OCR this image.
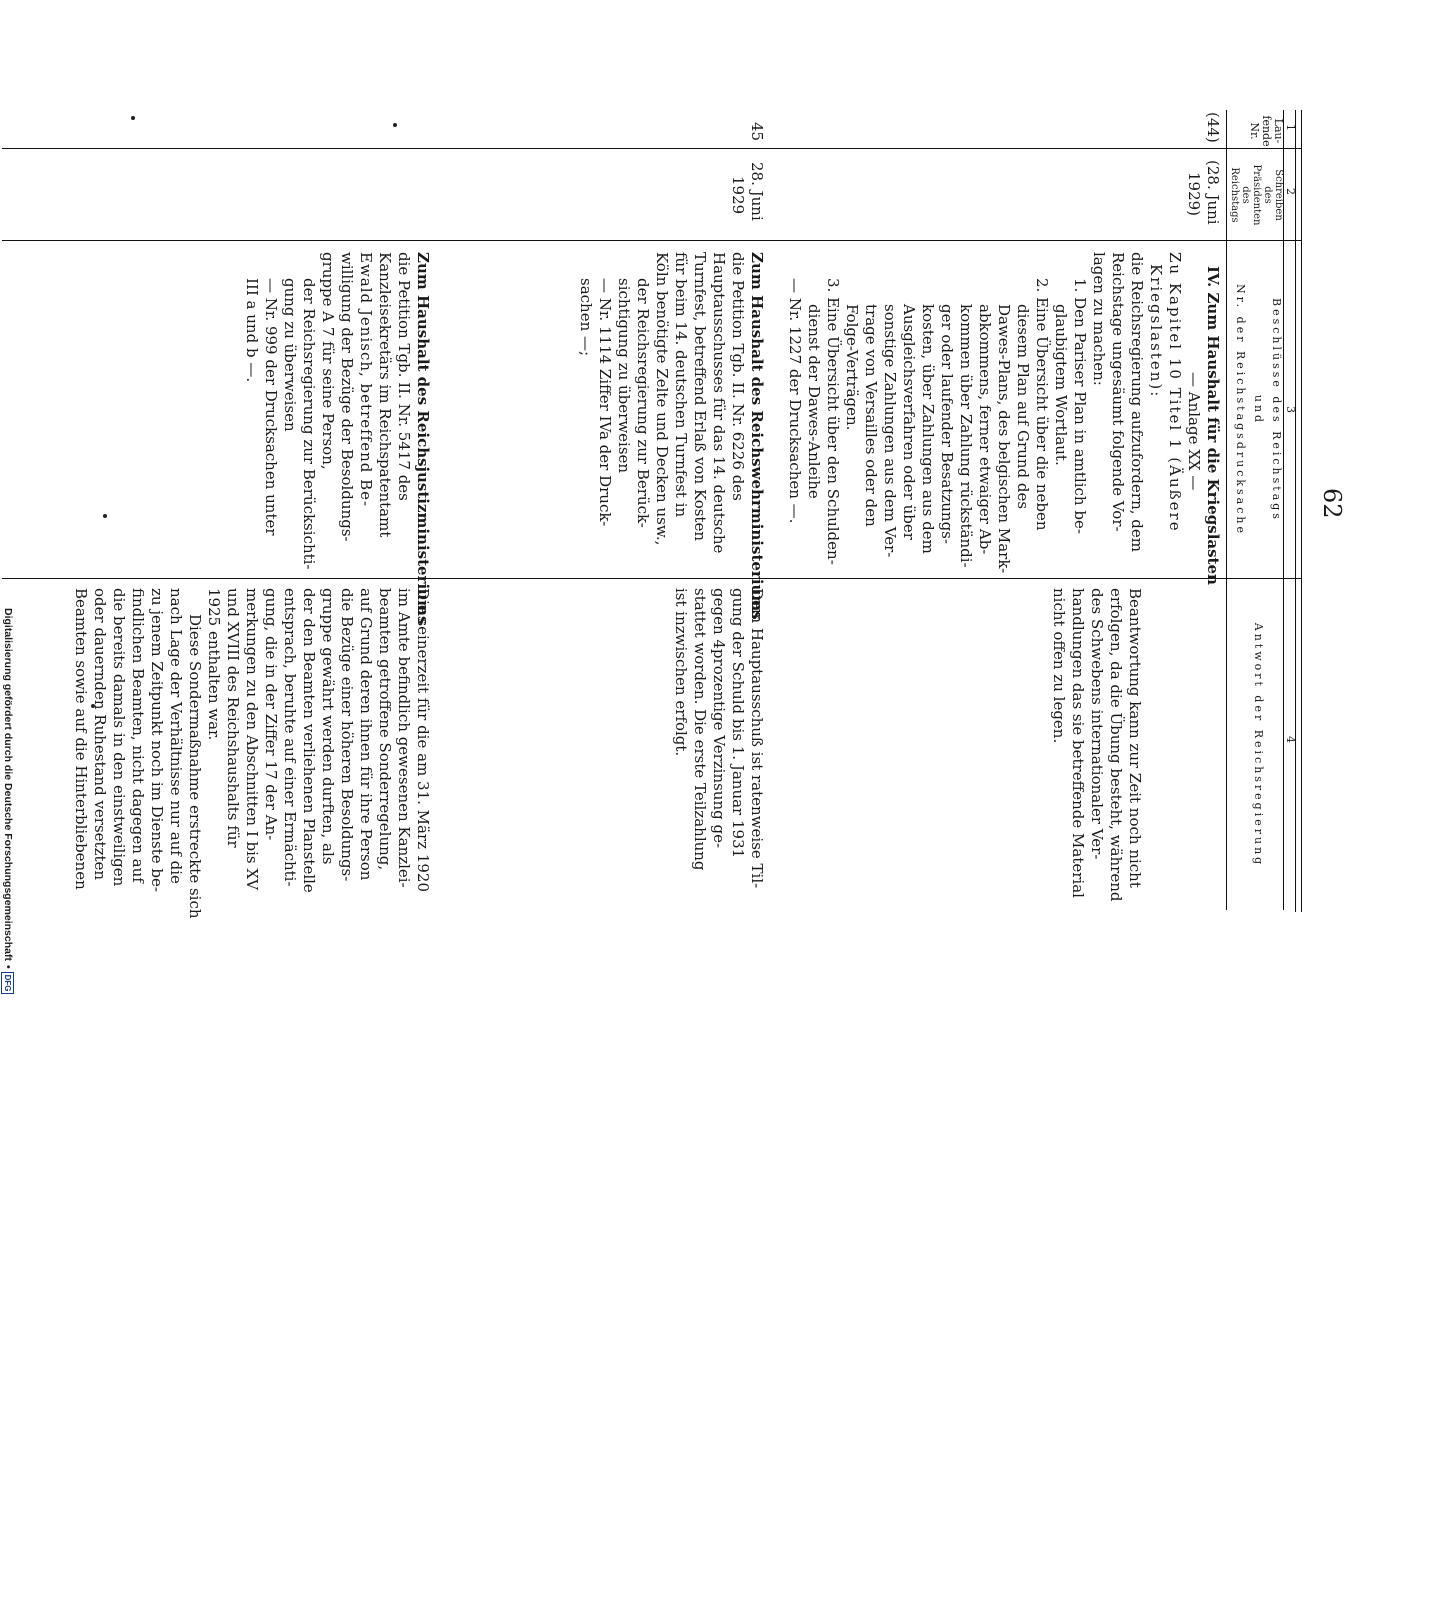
Digitalisierung gefördert durch die Deutsche Forschungsgemeinschaft• DFG
62
1
2
3
4
Lau-
fende
Nr.
Schreiben
des
Präsidenten
des
Reichstags
Beschlüsse des Reichstags
und
Nr. der Reichstagsdrucksache
Antwort der Reichsregierung
(44)
(28. Juni
1929)
IV. Zum Haushalt für die Kriegslasten
— Anlage XX —
Zu Kapitel 10 Titel 1 (Äußere
Kriegslasten):
die Reichsregierung aufzufordern, dem
Reichstage ungesäumt folgende Vor-
lagen zu machen:
1. Den Pariser Plan in amtlich be-
glaubigtem Wortlaut.
2. Eine Übersicht über die neben
diesem Plan auf Grund des
Dawes-Plans, des belgischen Mark-
abkommens, ferner etwaiger Ab-
kommen über Zahlung rückständi-
ger oder laufender Besatzungs-
kosten, über Zahlungen aus dem
Ausgleichsverfahren oder über
sonstige Zahlungen aus dem Ver-
trage von Versailles oder den
Folge-Verträgen.
3. Eine Übersicht über den Schulden-
dienst der Dawes-Anleihe
— Nr. 1227 der Drucksachen —.
Beantwortung kann zur Zeit noch nicht
erfolgen, da die Übung besteht, während
des Schwebens internationaler Ver-
handlungen das sie betreffende Material
nicht offen zu legen.
45
28. Juni
1929
Zum Haushalt des Reichswehrministeriums
die Petition Tgb. II. Nr. 6226 des
Hauptausschusses für das 14. deutsche
Turnfest, betreffend Erlaß von Kosten
für beim 14. deutschen Turnfest in
Köln benötigte Zelte und Decken usw.,
der Reichsregierung zur Berück-
sichtigung zu überweisen
— Nr. 1114 Ziffer IVa der Druck-
sachen —;
Dem Hauptausschuß ist ratenweise Til-
gung der Schuld bis 1. Januar 1931
gegen 4prozentige Verzinsung ge-
stattet worden. Die erste Teilzahlung
ist inzwischen erfolgt.
Zum Haushalt des Reichsjustizministeriums
die Petition Tgb. II. Nr. 5417 des
Kanzleisekretärs im Reichspatentamt
Ewald Jenisch, betreffend Be-
willigung der Bezüge der Besoldungs-
gruppe A 7 für seine Person,
der Reichsregierung zur Berücksichti-
gung zu überweisen
— Nr. 999 der Drucksachen unter
III a und b —.
Die seinerzeit für die am 31. März 1920
im Amte befindlich gewesenen Kanzlei-
beamten getroffene Sonderregelung,
auf Grund deren ihnen für ihre Person
die Bezüge einer höheren Besoldungs-
gruppe gewährt werden durften, als
der den Beamten verliehenen Planstelle
entsprach, beruhte auf einer Ermächti-
gung, die in der Ziffer 17 der An-
merkungen zu den Abschnitten I bis XV
und XVIII des Reichshaushalts für
1925 enthalten war.
Diese Sondermaßnahme erstreckte sich
nach Lage der Verhältnisse nur auf die
zu jenem Zeitpunkt noch im Dienste be-
findlichen Beamten, nicht dagegen auf
die bereits damals in den einstweiligen
oder dauernden Ruhestand versetzten
Beamten sowie auf die Hinterbliebenen
